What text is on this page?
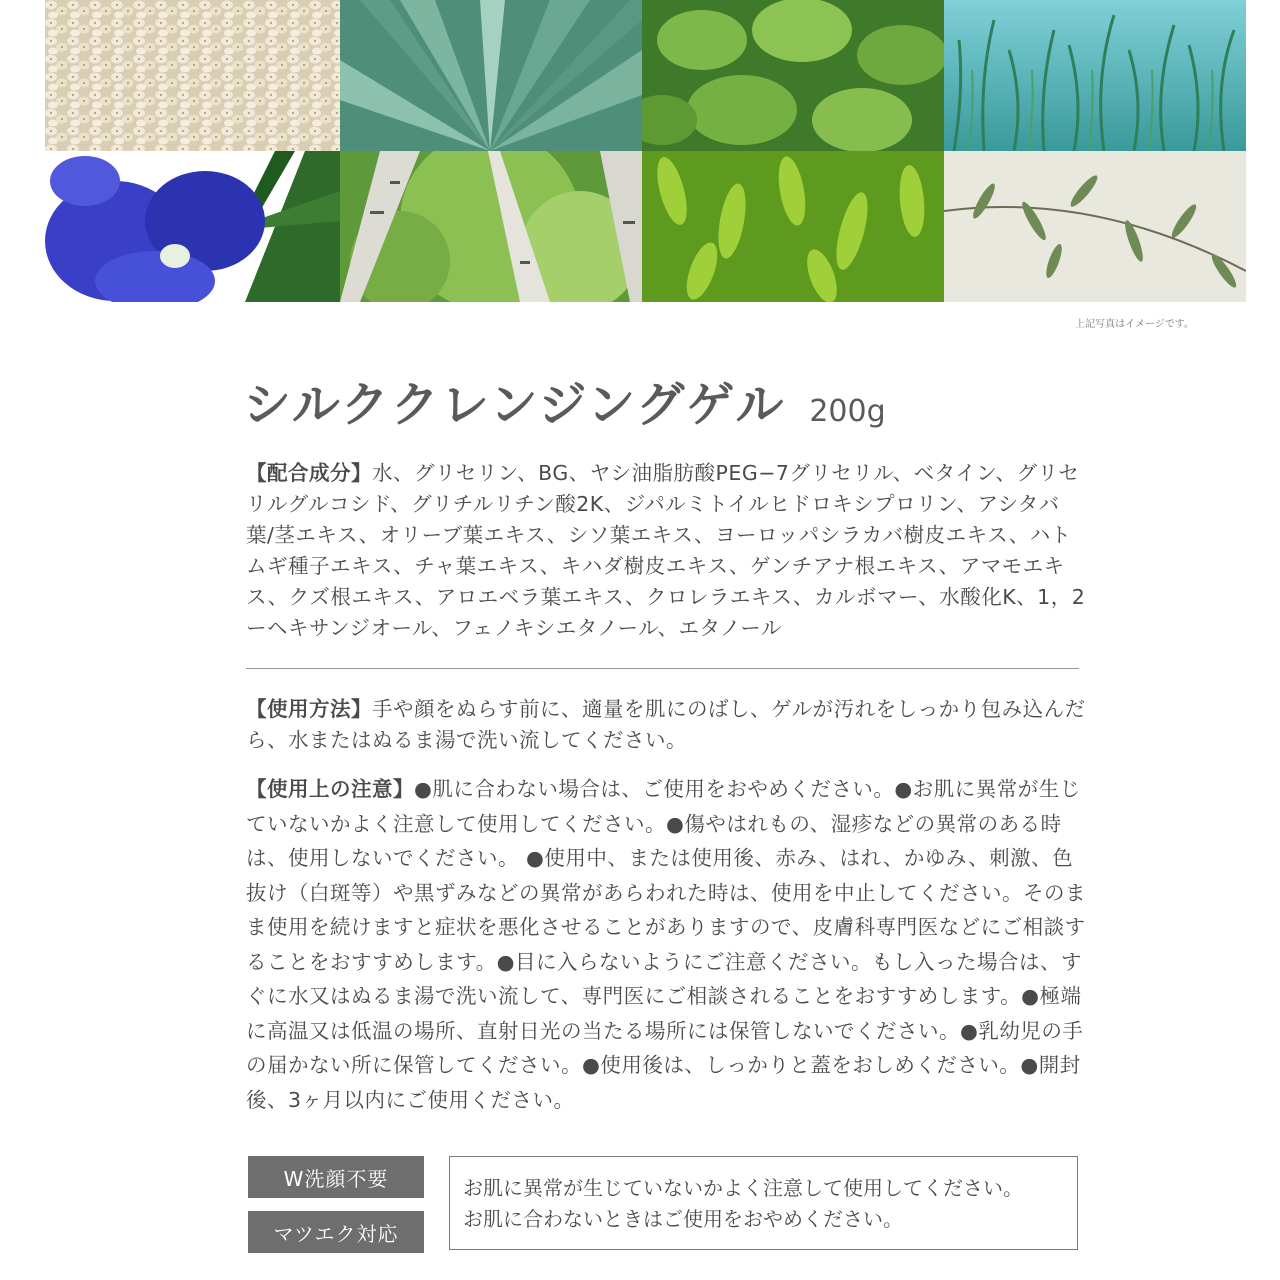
上記写真はイメージです。
シルククレンジングゲル 200g
【配合成分】水、グリセリン、BG、ヤシ油脂肪酸PEG−7グリセリル、ベタイン、グリセリルグルコシド、グリチルリチン酸2K、ジパルミトイルヒドロキシプロリン、アシタバ葉/茎エキス、オリーブ葉エキス、シソ葉エキス、ヨーロッパシラカバ樹皮エキス、ハトムギ種子エキス、チャ葉エキス、キハダ樹皮エキス、ゲンチアナ根エキス、アマモエキス、クズ根エキス、アロエベラ葉エキス、クロレラエキス、カルボマー、水酸化K、1，2ーヘキサンジオール、フェノキシエタノール、エタノール
【使用方法】手や顔をぬらす前に、適量を肌にのばし、ゲルが汚れをしっかり包み込んだら、水またはぬるま湯で洗い流してください。
【使用上の注意】●肌に合わない場合は、ご使用をおやめください。●お肌に異常が生じていないかよく注意して使用してください。●傷やはれもの、湿疹などの異常のある時は、使用しないでください。 ●使用中、または使用後、赤み、はれ、かゆみ、刺激、色抜け（白斑等）や黒ずみなどの異常があらわれた時は、使用を中止してください。そのまま使用を続けますと症状を悪化させることがありますので、皮膚科専門医などにご相談することをおすすめします。●目に入らないようにご注意ください。もし入った場合は、すぐに水又はぬるま湯で洗い流して、専門医にご相談されることをおすすめします。●極端に高温又は低温の場所、直射日光の当たる場所には保管しないでください。●乳幼児の手の届かない所に保管してください。●使用後は、しっかりと蓋をおしめください。●開封後、3ヶ月以内にご使用ください。
W洗顔不要
マツエク対応
お肌に異常が生じていないかよく注意して使用してください。
お肌に合わないときはご使用をおやめください。
